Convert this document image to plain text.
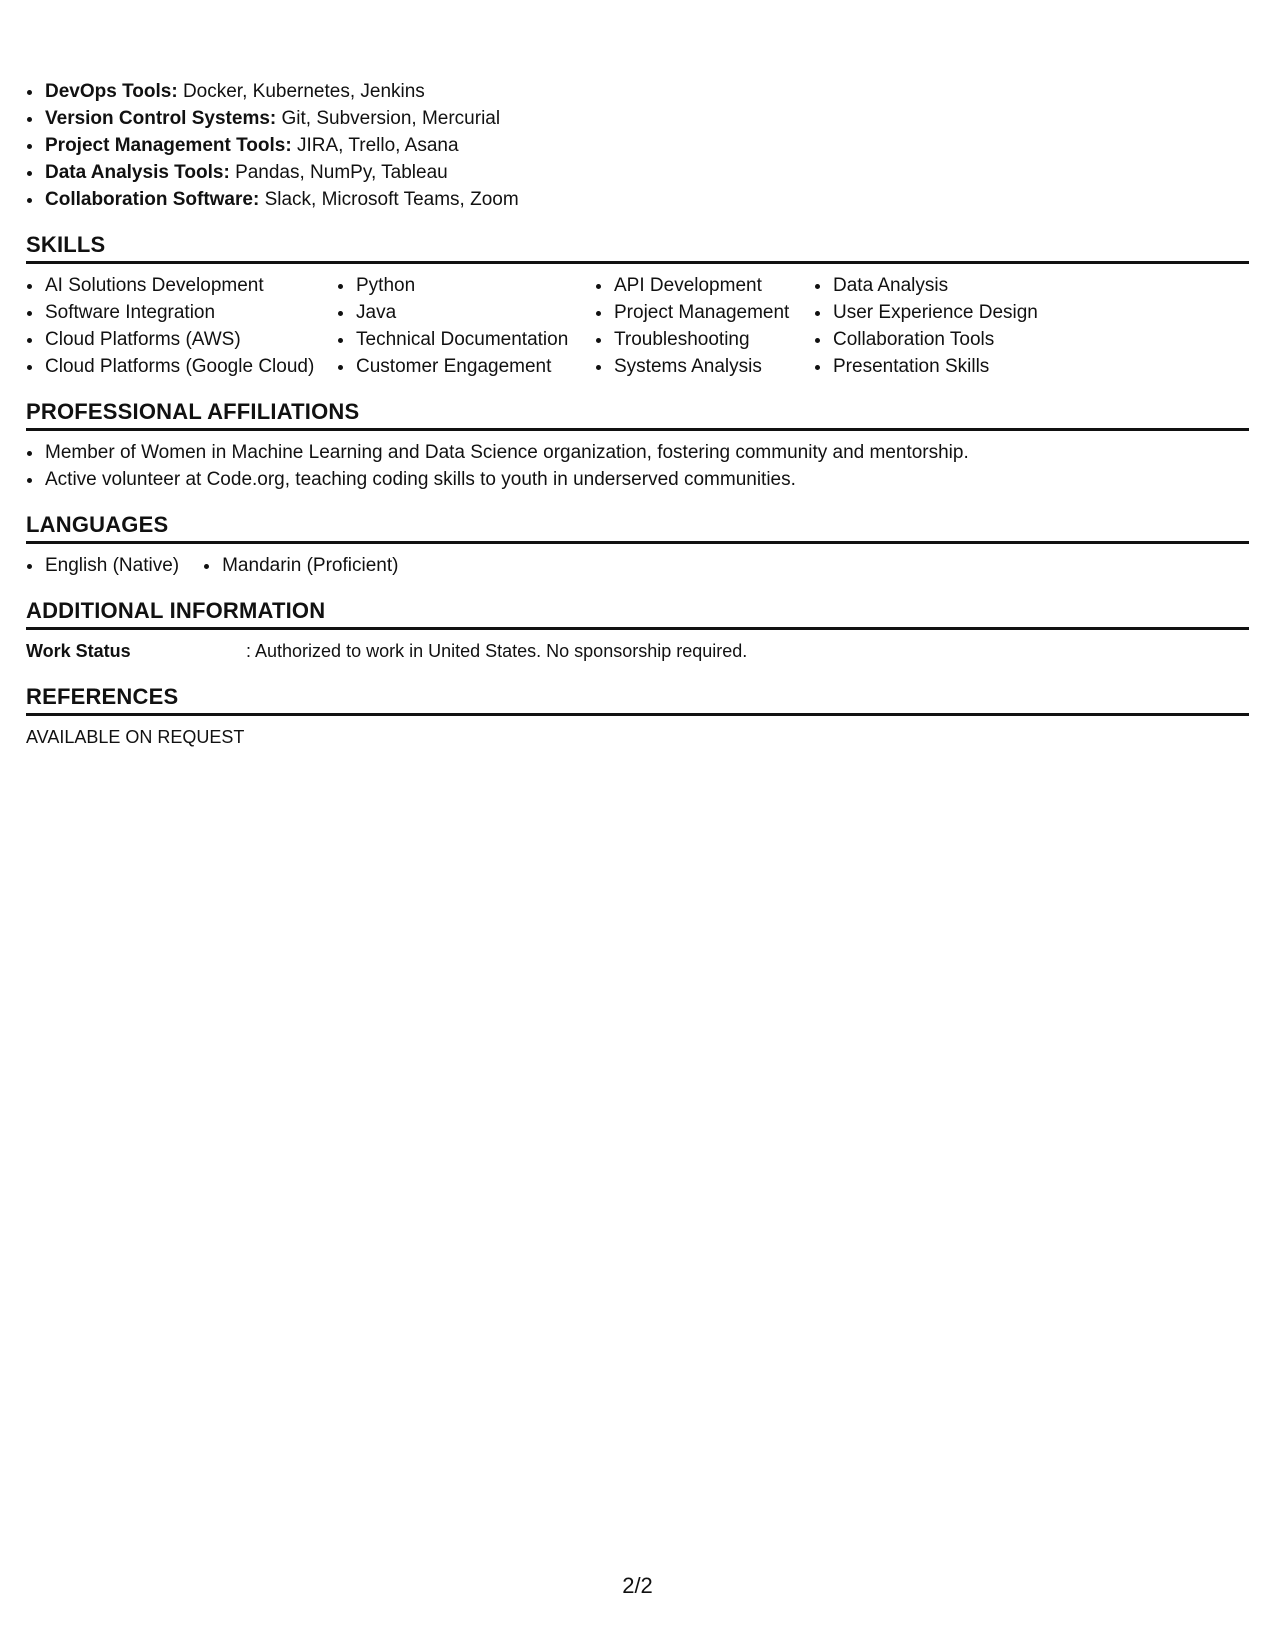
DevOps Tools: Docker, Kubernetes, Jenkins
Version Control Systems: Git, Subversion, Mercurial
Project Management Tools: JIRA, Trello, Asana
Data Analysis Tools: Pandas, NumPy, Tableau
Collaboration Software: Slack, Microsoft Teams, Zoom
SKILLS
AI Solutions Development
Software Integration
Cloud Platforms (AWS)
Cloud Platforms (Google Cloud)
Python
Java
Technical Documentation
Customer Engagement
API Development
Project Management
Troubleshooting
Systems Analysis
Data Analysis
User Experience Design
Collaboration Tools
Presentation Skills
PROFESSIONAL AFFILIATIONS
Member of Women in Machine Learning and Data Science organization, fostering community and mentorship.
Active volunteer at Code.org, teaching coding skills to youth in underserved communities.
LANGUAGES
English (Native)	Mandarin (Proficient)
ADDITIONAL INFORMATION
Work Status	: Authorized to work in United States. No sponsorship required.
REFERENCES
AVAILABLE ON REQUEST
2/2
